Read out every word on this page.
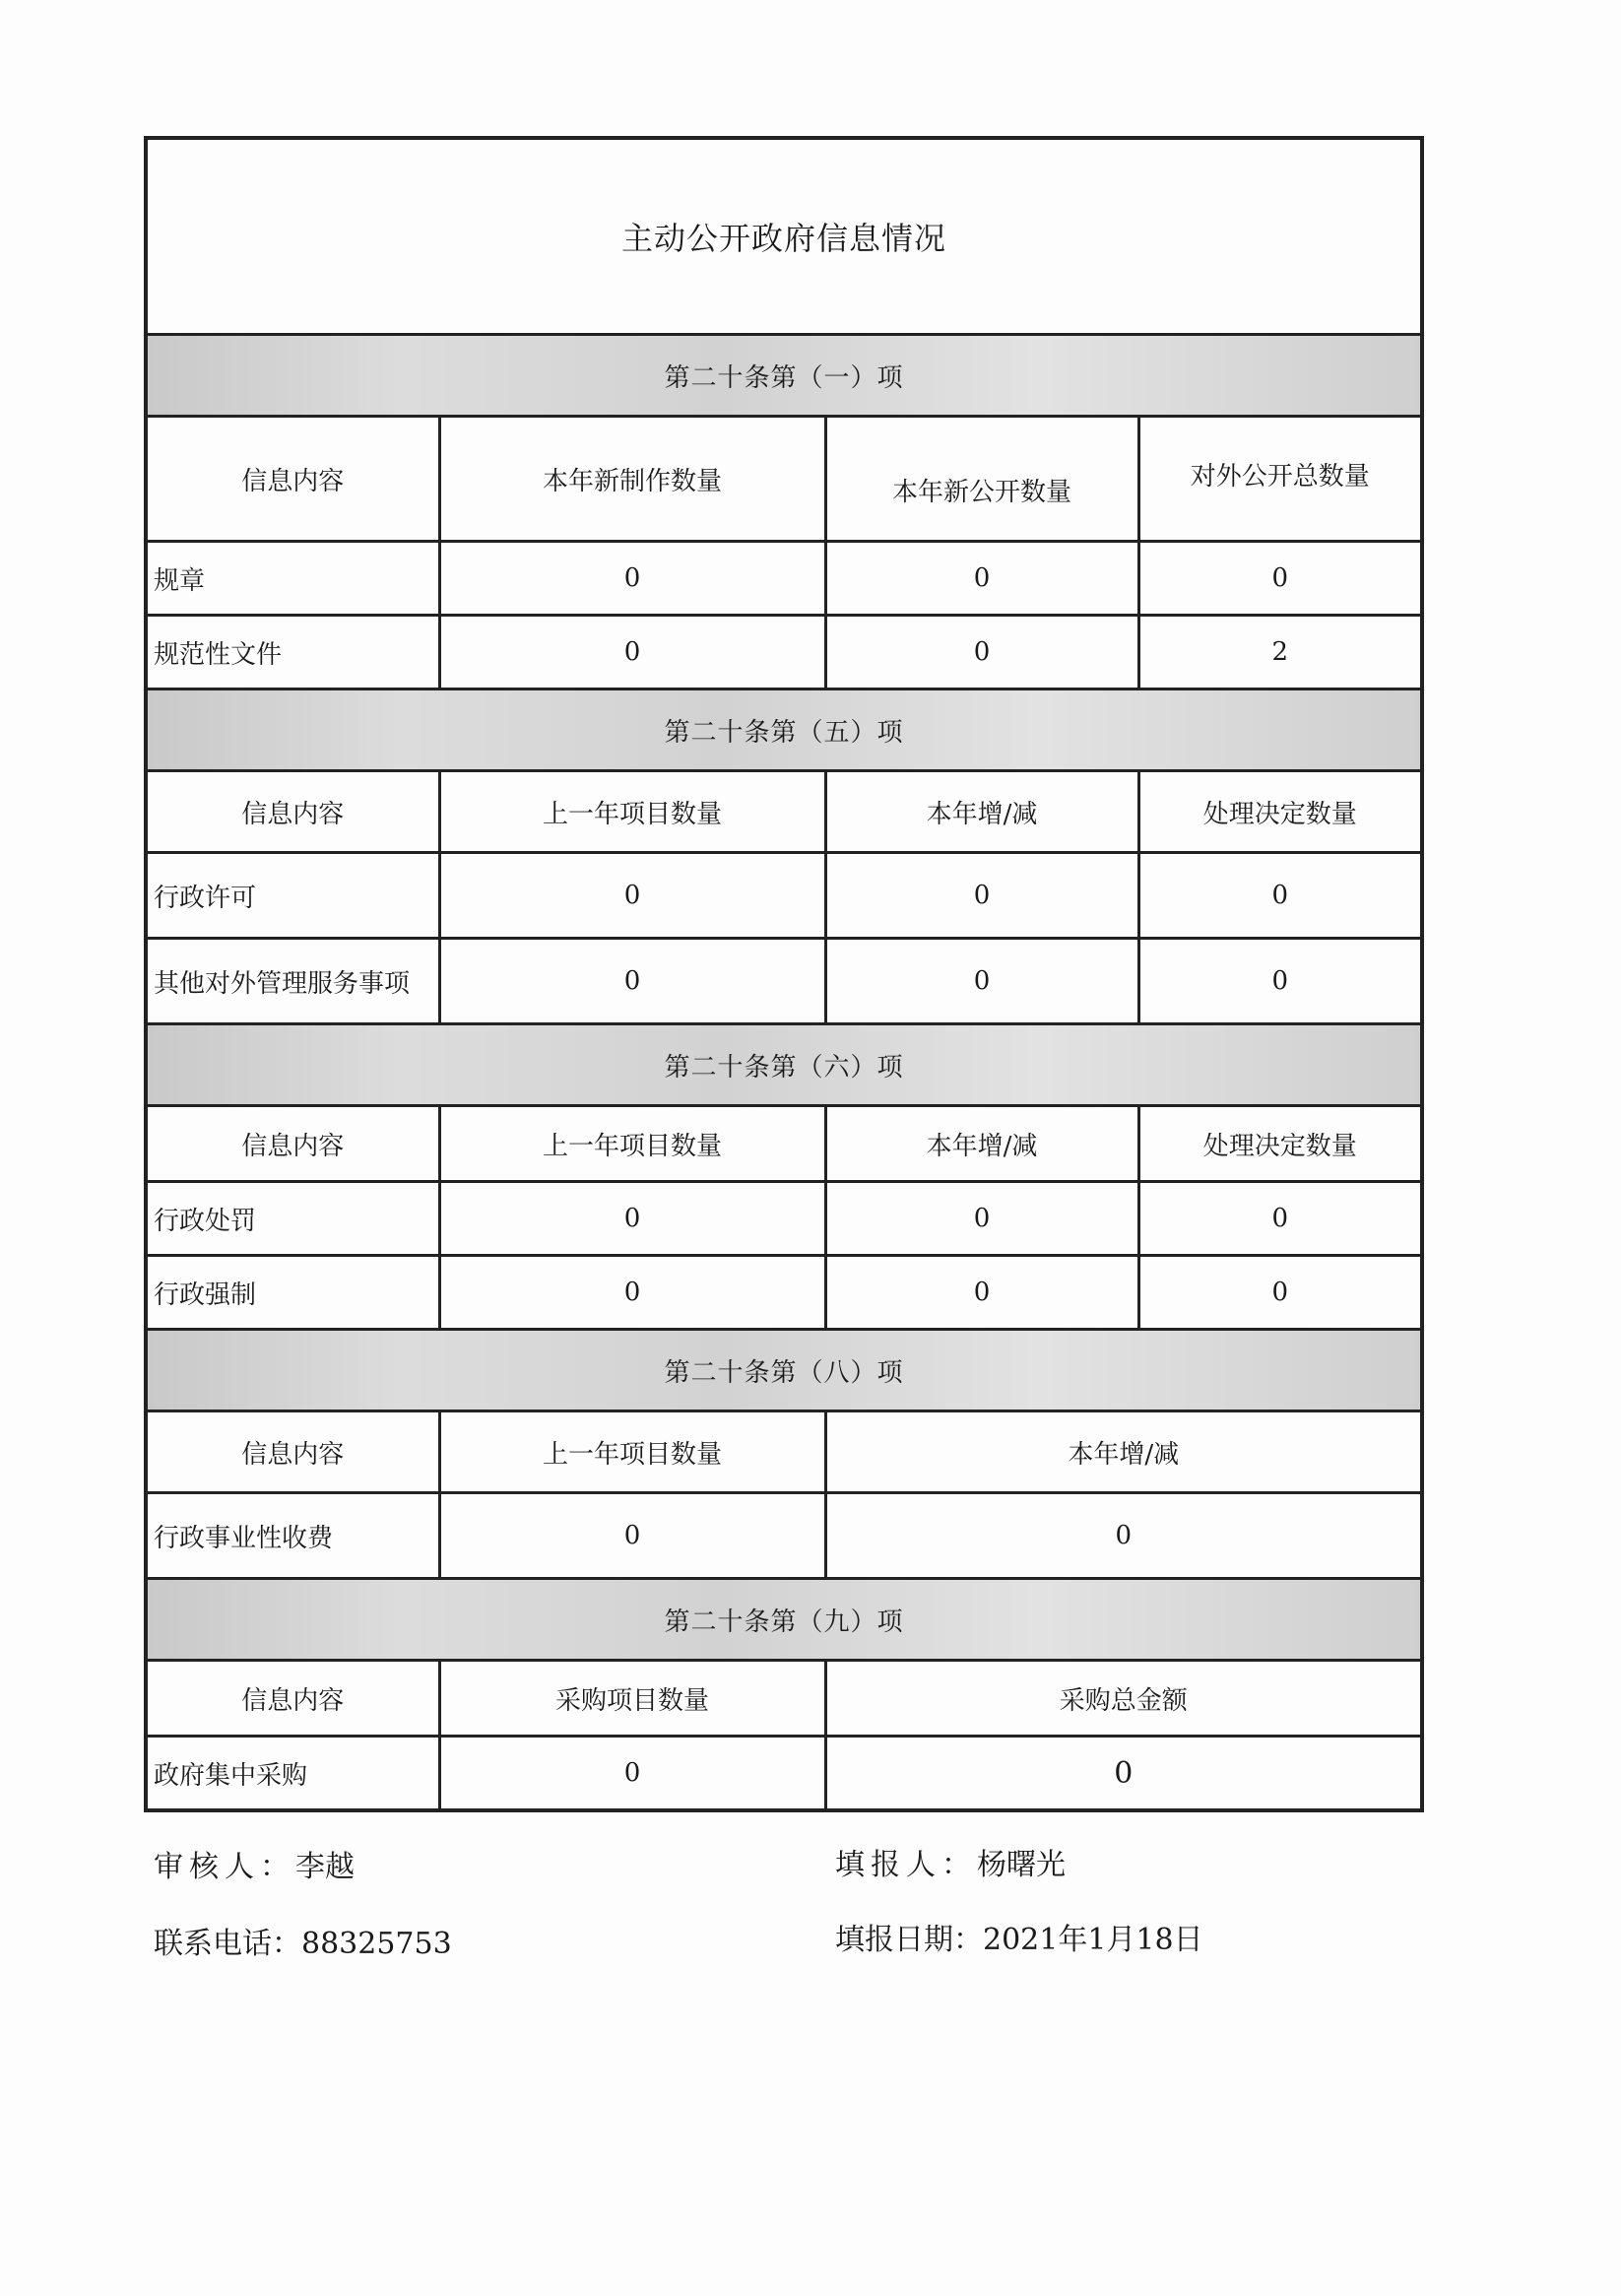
主动公开政府信息情况			
第二十条第（一）项			
信息内容	本年新制作数量	本年新公开数量	对外公开总数量
规章	0	0	0
规范性文件	0	0	2
第二十条第（五）项			
信息内容	上一年项目数量	本年增/减	处理决定数量
行政许可	0	0	0
其他对外管理服务事项	0	0	0
第二十条第（六）项			
信息内容	上一年项目数量	本年增/减	处理决定数量
行政处罚	0	0	0
行政强制	0	0	0
第二十条第（八）项			
信息内容	上一年项目数量	本年增/减	
行政事业性收费	0	0	
第二十条第（九）项			
信息内容	采购项目数量	采购总金额	
政府集中采购	0	0	
审核人：李越	填报人：杨曙光
联系电话：88325753	填报日期：2021年1月18日
